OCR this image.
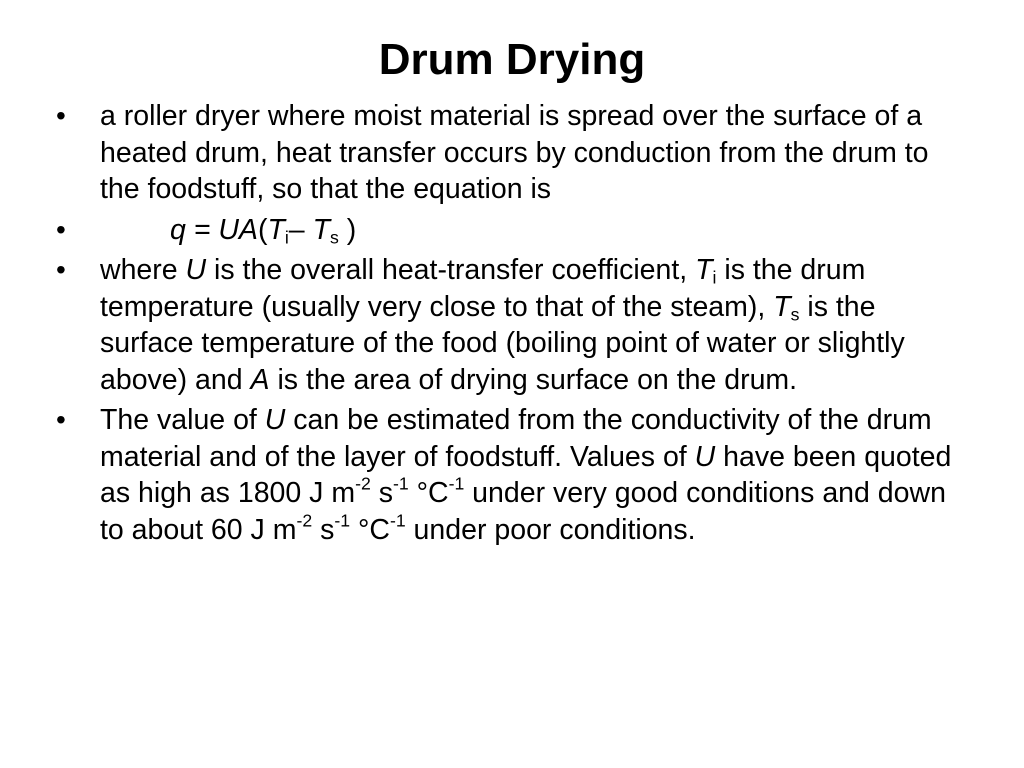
Drum Drying
•	a roller dryer where moist material is spread over the surface of a heated drum, heat transfer occurs by conduction from the drum to the foodstuff, so that the equation is
•	$q = UA(T_i-$ $T_s$ )
•	where U is the overall heat-transfer coefficient, $T_i$ is the drum temperature (usually very close to that of the steam), $T_s$ is the surface temperature of the food (boiling point of water or slightly above) and A is the area of drying surface on the drum.
•	The value of U can be estimated from the conductivity of the drum material and of the layer of foodstuff. Values of U have been quoted as high as 1800 J $m^{-2}$ $s^{-1}$ $^\circ C^{-1}$ under very good conditions and down to about 60 J $m^{-2}$ $s^{-1}$ $^\circ C^{-1}$ under poor conditions.
